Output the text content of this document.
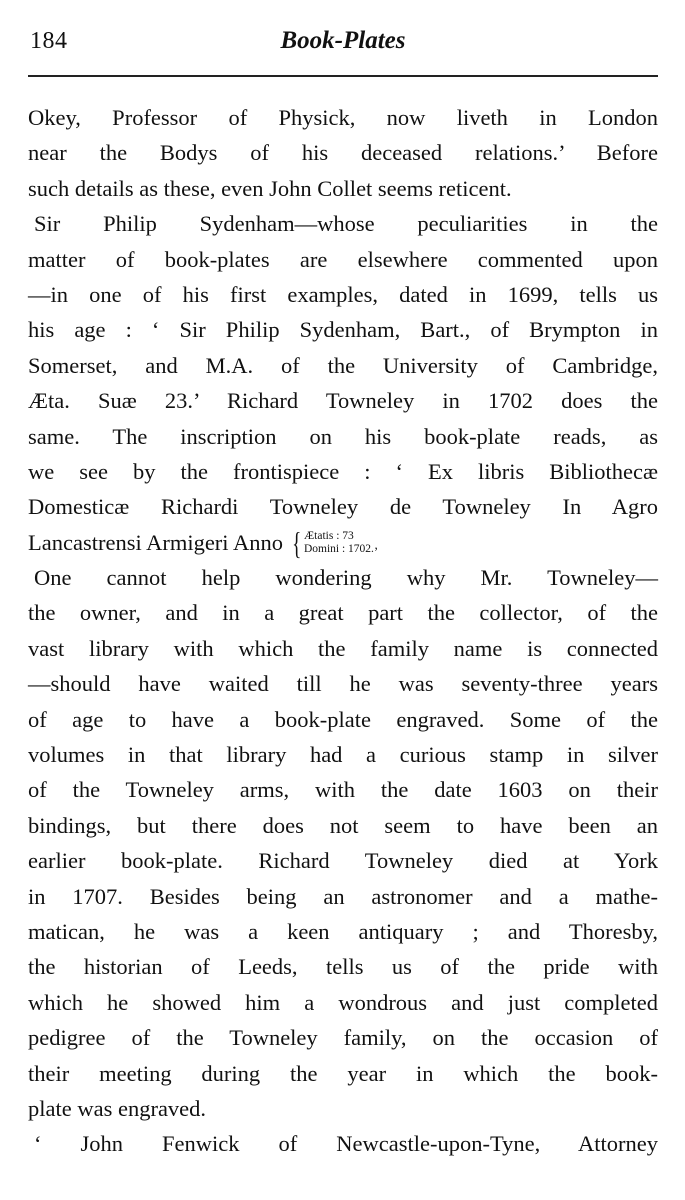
184	Book-Plates
Okey, Professor of Physick, now liveth in London
near the Bodys of his deceased relations.’ Before
such details as these, even John Collet seems reticent.
Sir Philip Sydenham—whose peculiarities in the
matter of book-plates are elsewhere commented upon
—in one of his first examples, dated in 1699, tells us
his age : ‘ Sir Philip Sydenham, Bart., of Brympton in
Somerset, and M.A. of the University of Cambridge,
Æta. Suæ 23.’ Richard Towneley in 1702 does the
same. The inscription on his book-plate reads, as
we see by the frontispiece : ‘ Ex libris Bibliothecæ
Domesticæ Richardi Towneley de Towneley In Agro
Lancastrensi Armigeri Anno { Ætatis : 73
Domini : 1702. $_’$
One cannot help wondering why Mr. Towneley—
the owner, and in a great part the collector, of the
vast library with which the family name is connected
—should have waited till he was seventy-three years
of age to have a book-plate engraved. Some of the
volumes in that library had a curious stamp in silver
of the Towneley arms, with the date 1603 on their
bindings, but there does not seem to have been an
earlier book-plate. Richard Towneley died at York
in 1707. Besides being an astronomer and a mathe-
matican, he was a keen antiquary ; and Thoresby,
the historian of Leeds, tells us of the pride with
which he showed him a wondrous and just completed
pedigree of the Towneley family, on the occasion of
their meeting during the year in which the book-
plate was engraved.
‘ John Fenwick of Newcastle-upon-Tyne, Attorney
